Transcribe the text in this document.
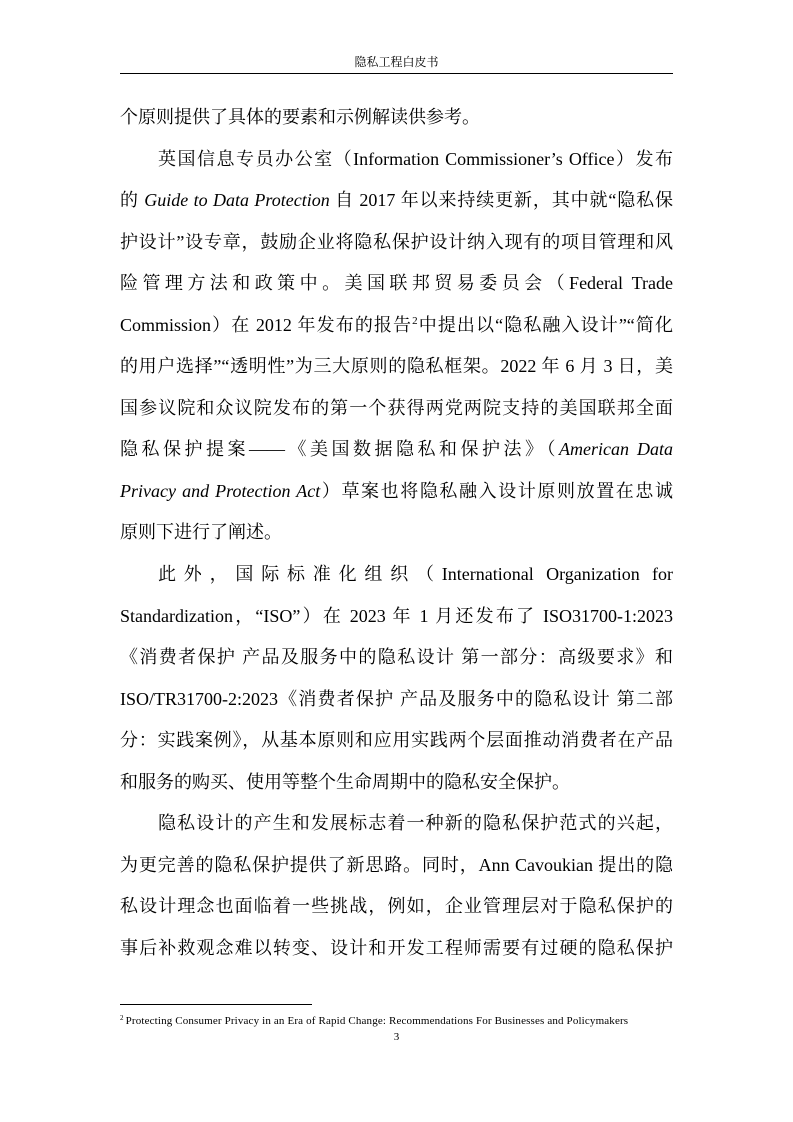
隐私工程白皮书
个原则提供了具体的要素和示例解读供参考。
英国信息专员办公室（Information Commissioner’s Office）发布
的 Guide to Data Protection 自 2017 年以来持续更新，其中就“隐私保
护设计”设专章，鼓励企业将隐私保护设计纳入现有的项目管理和风
险管理方法和政策中。美国联邦贸易委员会（Federal Trade
Commission）在 2012 年发布的报告$^2$中提出以“隐私融入设计”“简化
的用户选择”“透明性”为三大原则的隐私框架。2022 年 6 月 3 日，美
国参议院和众议院发布的第一个获得两党两院支持的美国联邦全面
隐私保护提案——《美国数据隐私和保护法》（American Data
Privacy and Protection Act）草案也将隐私融入设计原则放置在忠诚
原则下进行了阐述。
此外，国际标准化组织（International Organization for
Standardization，“ISO”）在 2023 年 1 月还发布了 ISO31700-1:2023
《消费者保护 产品及服务中的隐私设计 第一部分：高级要求》和
ISO/TR31700-2:2023《消费者保护 产品及服务中的隐私设计 第二部
分：实践案例》，从基本原则和应用实践两个层面推动消费者在产品
和服务的购买、使用等整个生命周期中的隐私安全保护。
隐私设计的产生和发展标志着一种新的隐私保护范式的兴起，
为更完善的隐私保护提供了新思路。同时，Ann Cavoukian 提出的隐
私设计理念也面临着一些挑战，例如，企业管理层对于隐私保护的
事后补救观念难以转变、设计和开发工程师需要有过硬的隐私保护
$^2$ Protecting Consumer Privacy in an Era of Rapid Change: Recommendations For Businesses and Policymakers
3
